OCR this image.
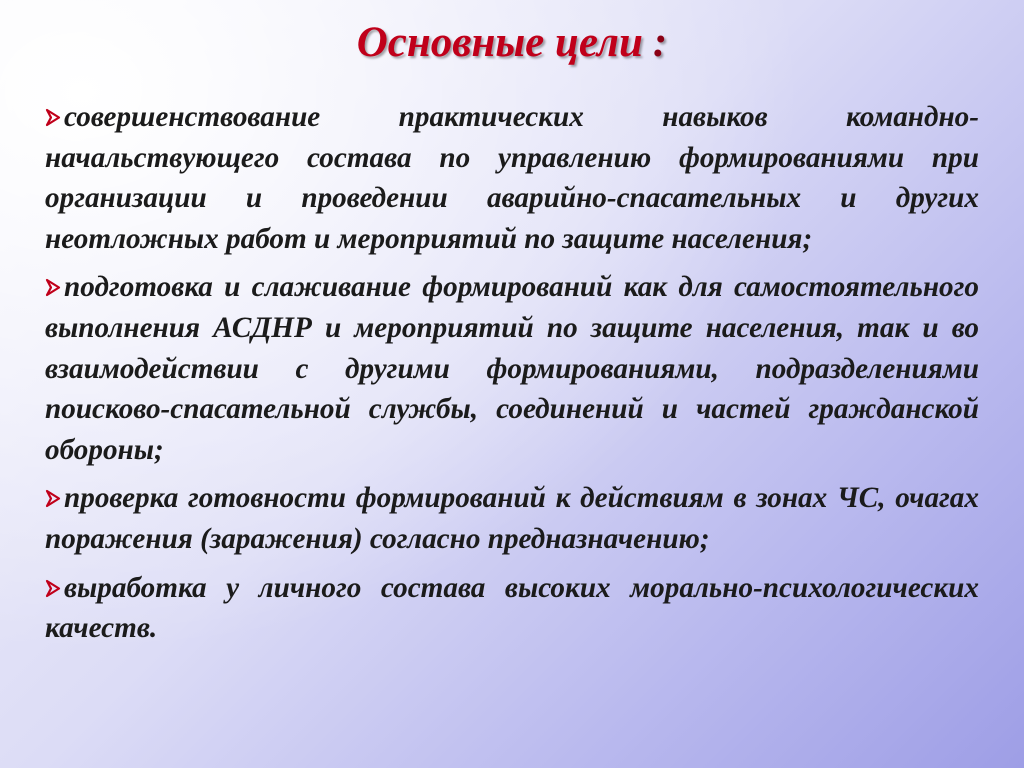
Основные цели :
совершенствование практических навыков командно-начальствующего состава по управлению формированиями при организации и проведении аварийно-спасательных и других неотложных работ и мероприятий по защите населения;
подготовка и слаживание формирований как для самостоятельного выполнения АСДНР и мероприятий по защите населения, так и во взаимодействии с другими формированиями, подразделениями поисково-спасательной службы, соединений и частей гражданской обороны;
проверка готовности формирований к действиям в зонах ЧС, очагах поражения (заражения) согласно предназначению;
выработка у личного состава высоких морально-психологических качеств.
